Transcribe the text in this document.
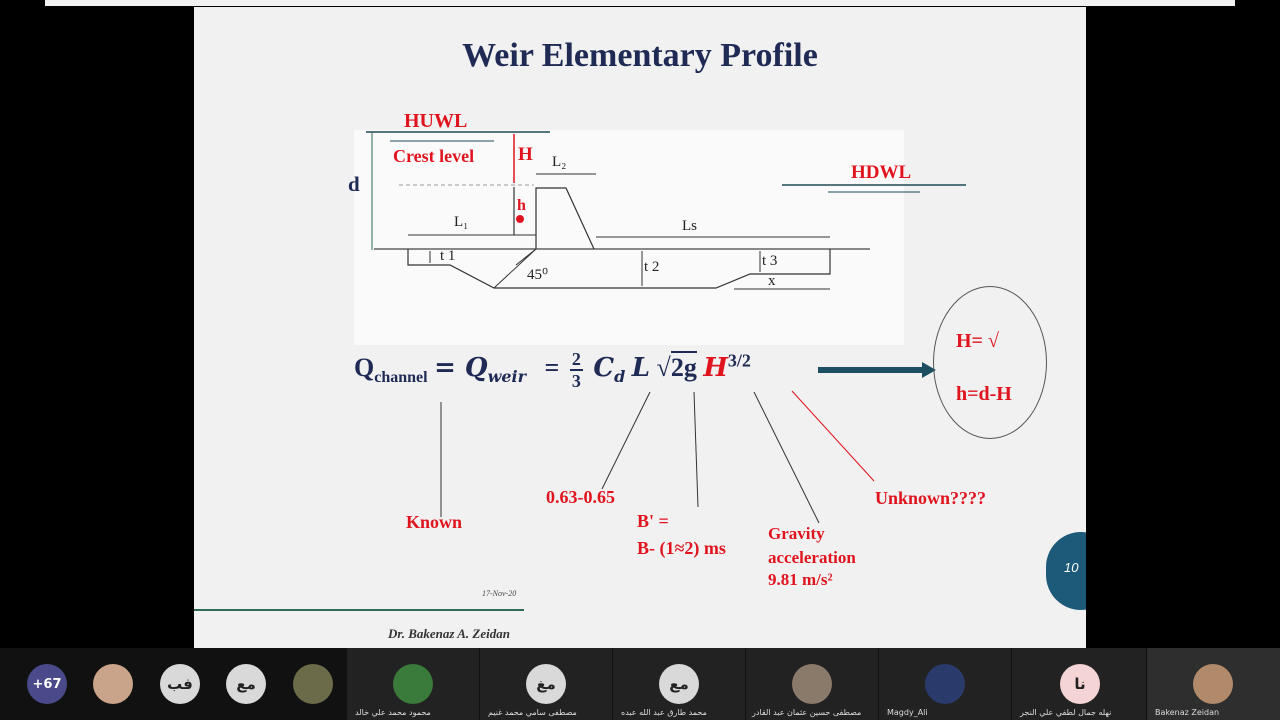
Weir Elementary Profile
HUWL
Crest level
HDWL
d
H
h
L₁
L₂
Ls
t 1
t 2	t 3
x
45⁰
$Q_{channel} = Q_{weir} = \frac{2}{3} C_d$ L √2g $H^{3/2}$
Known
0.63-0.65
B' =
B- (1≈2) ms
Gravity
acceleration
9.81 m/s²
Unknown????
H= √
h=d-H
10
17-Nov-20
Dr. Bakenaz A. Zeidan
+67	فب	مع
محمود محمد علي خالد
مغ
مصطفى سامي محمد غنيم
مع
محمد طارق عبد الله عبده	مصطفى حسين عثمان عبد القادر	Magdy_Ali
نا
نهله جمال لطفي علي النجر	Bakenaz Zeidan
